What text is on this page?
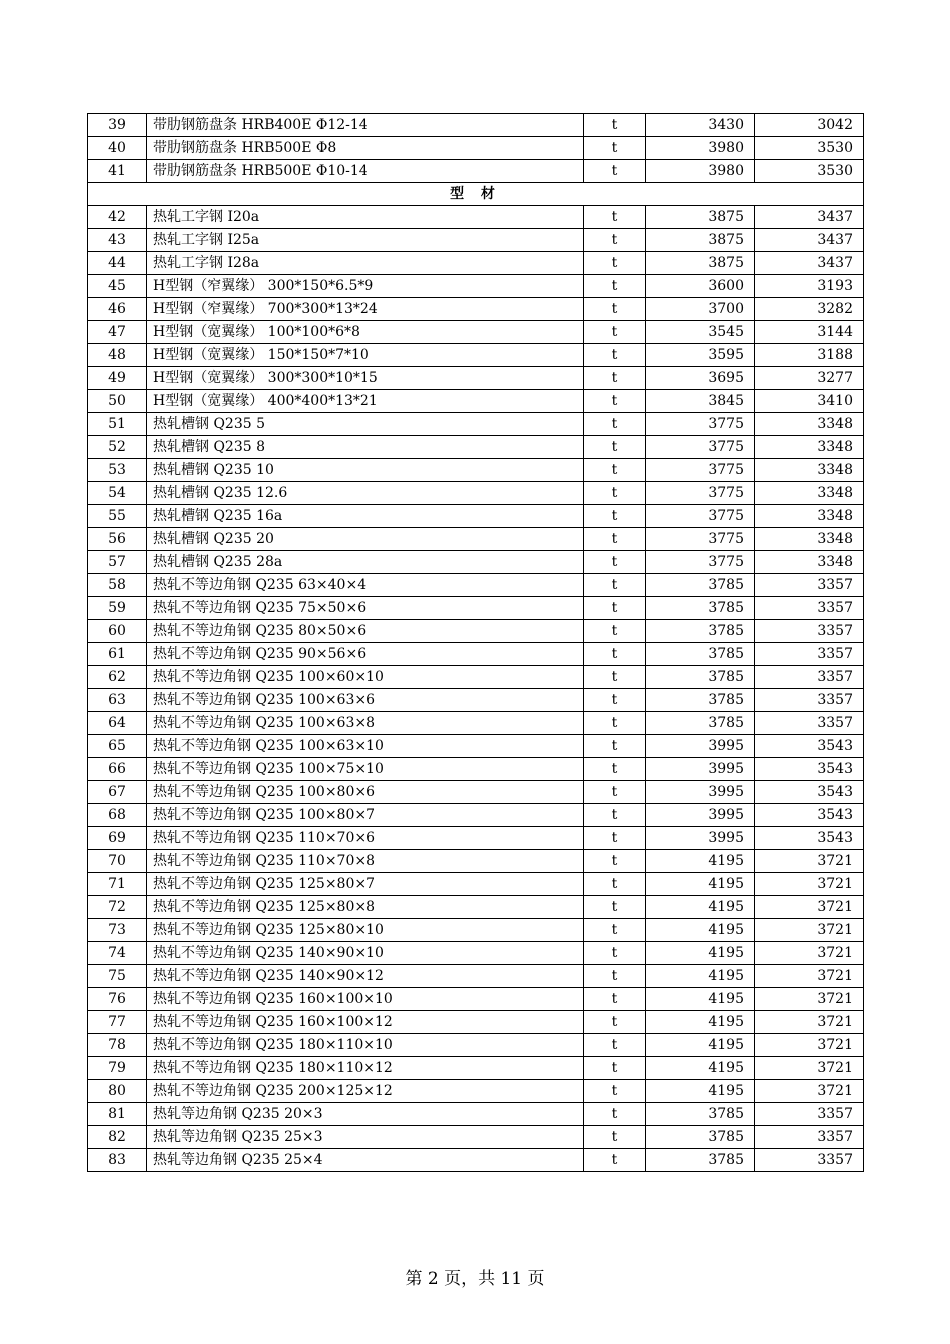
39	带肋钢筋盘条 HRB400E Φ12-14	t	3430	3042
40	带肋钢筋盘条 HRB500E Φ8	t	3980	3530
41	带肋钢筋盘条 HRB500E Φ10-14	t	3980	3530
型 材				
42	热轧工字钢 I20a	t	3875	3437
43	热轧工字钢 I25a	t	3875	3437
44	热轧工字钢 I28a	t	3875	3437
45	H型钢（窄翼缘） 300*150*6.5*9	t	3600	3193
46	H型钢（窄翼缘） 700*300*13*24	t	3700	3282
47	H型钢（宽翼缘） 100*100*6*8	t	3545	3144
48	H型钢（宽翼缘） 150*150*7*10	t	3595	3188
49	H型钢（宽翼缘） 300*300*10*15	t	3695	3277
50	H型钢（宽翼缘） 400*400*13*21	t	3845	3410
51	热轧槽钢 Q235 5	t	3775	3348
52	热轧槽钢 Q235 8	t	3775	3348
53	热轧槽钢 Q235 10	t	3775	3348
54	热轧槽钢 Q235 12.6	t	3775	3348
55	热轧槽钢 Q235 16a	t	3775	3348
56	热轧槽钢 Q235 20	t	3775	3348
57	热轧槽钢 Q235 28a	t	3775	3348
58	热轧不等边角钢 Q235 63×40×4	t	3785	3357
59	热轧不等边角钢 Q235 75×50×6	t	3785	3357
60	热轧不等边角钢 Q235 80×50×6	t	3785	3357
61	热轧不等边角钢 Q235 90×56×6	t	3785	3357
62	热轧不等边角钢 Q235 100×60×10	t	3785	3357
63	热轧不等边角钢 Q235 100×63×6	t	3785	3357
64	热轧不等边角钢 Q235 100×63×8	t	3785	3357
65	热轧不等边角钢 Q235 100×63×10	t	3995	3543
66	热轧不等边角钢 Q235 100×75×10	t	3995	3543
67	热轧不等边角钢 Q235 100×80×6	t	3995	3543
68	热轧不等边角钢 Q235 100×80×7	t	3995	3543
69	热轧不等边角钢 Q235 110×70×6	t	3995	3543
70	热轧不等边角钢 Q235 110×70×8	t	4195	3721
71	热轧不等边角钢 Q235 125×80×7	t	4195	3721
72	热轧不等边角钢 Q235 125×80×8	t	4195	3721
73	热轧不等边角钢 Q235 125×80×10	t	4195	3721
74	热轧不等边角钢 Q235 140×90×10	t	4195	3721
75	热轧不等边角钢 Q235 140×90×12	t	4195	3721
76	热轧不等边角钢 Q235 160×100×10	t	4195	3721
77	热轧不等边角钢 Q235 160×100×12	t	4195	3721
78	热轧不等边角钢 Q235 180×110×10	t	4195	3721
79	热轧不等边角钢 Q235 180×110×12	t	4195	3721
80	热轧不等边角钢 Q235 200×125×12	t	4195	3721
81	热轧等边角钢 Q235 20×3	t	3785	3357
82	热轧等边角钢 Q235 25×3	t	3785	3357
83	热轧等边角钢 Q235 25×4	t	3785	3357
第 2 页，共 11 页
